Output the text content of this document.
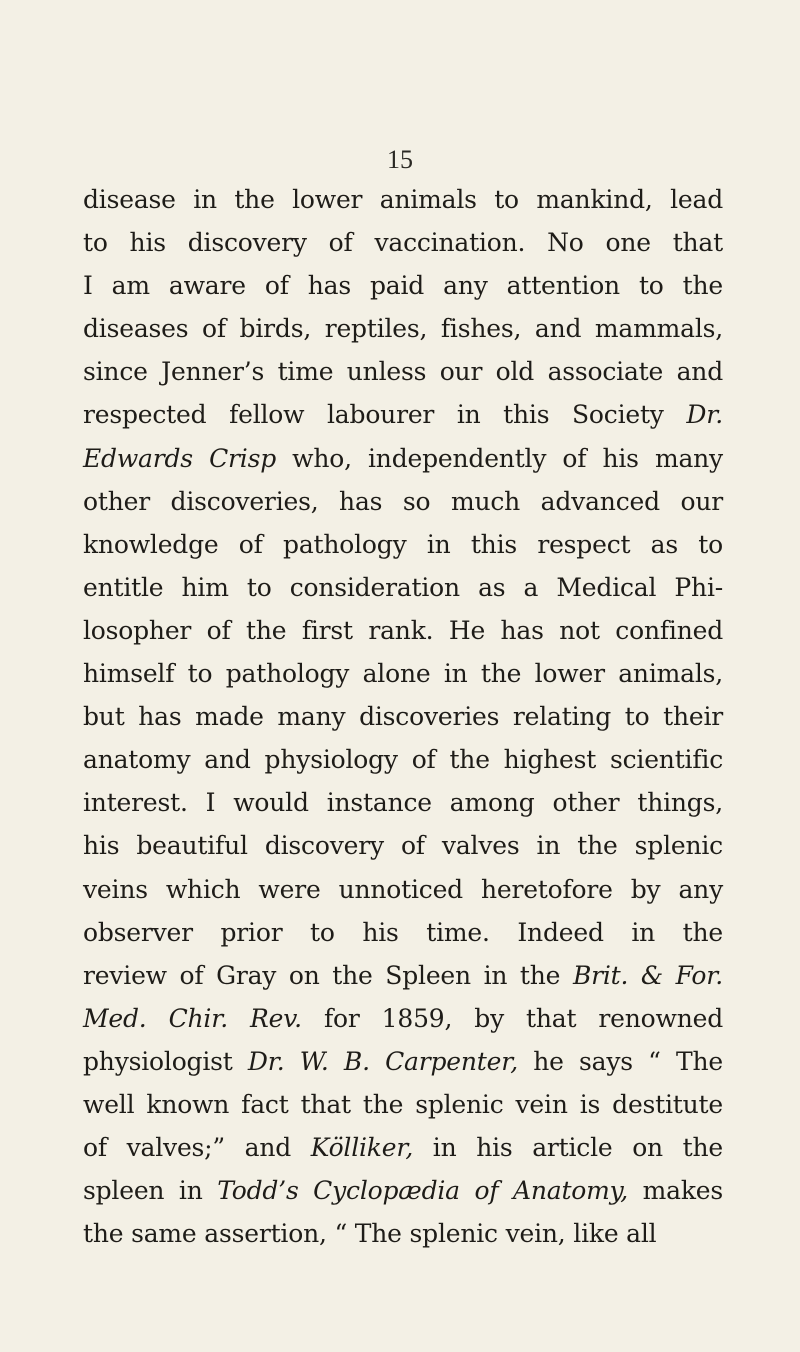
15
disease in the lower animals to mankind, lead
to his discovery of vaccination. No one that
I am aware of has paid any attention to the
diseases of birds, reptiles, fishes, and mammals,
since Jenner’s time unless our old associate and
respected fellow labourer in this Society Dr.
Edwards Crisp who, independently of his many
other discoveries, has so much advanced our
knowledge of pathology in this respect as to
entitle him to consideration as a Medical Phi-
losopher of the first rank. He has not confined
himself to pathology alone in the lower animals,
but has made many discoveries relating to their
anatomy and physiology of the highest scientific
interest. I would instance among other things,
his beautiful discovery of valves in the splenic
veins which were unnoticed heretofore by any
observer prior to his time. Indeed in the
review of Gray on the Spleen in the Brit. & For.
Med. Chir. Rev. for 1859, by that renowned
physiologist Dr. W. B. Carpenter, he says “ The
well known fact that the splenic vein is destitute
of valves;” and Kölliker, in his article on the
spleen in Todd’s Cyclopædia of Anatomy, makes
the same assertion, “ The splenic vein, like all
